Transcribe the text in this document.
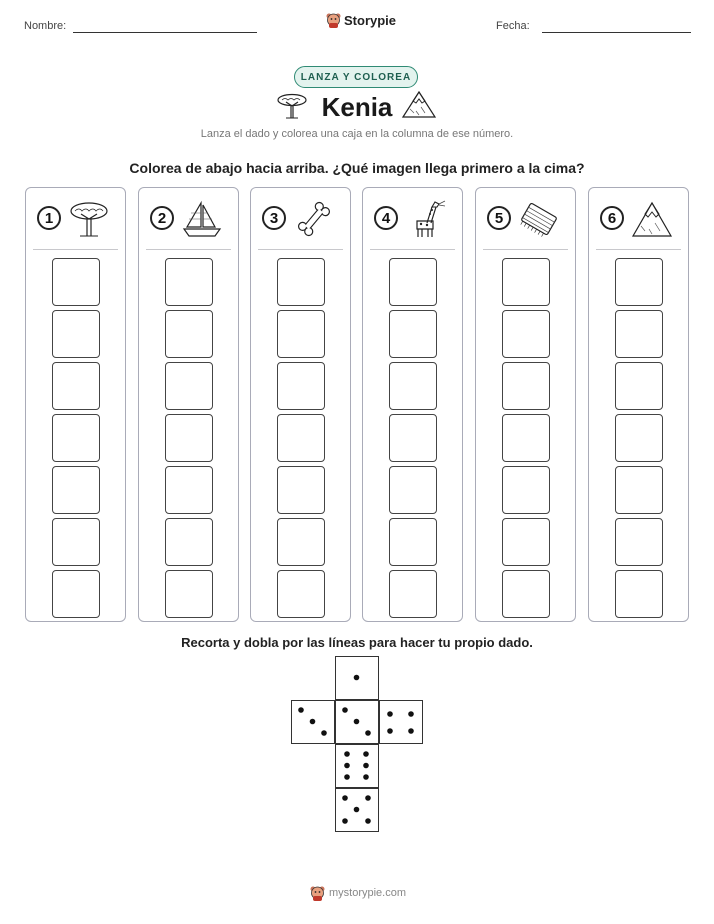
Nombre:	Storypie	Fecha:
LANZA Y COLOREA
Kenia
Lanza el dado y colorea una caja en la columna de ese número.
Colorea de abajo hacia arriba. ¿Qué imagen llega primero a la cima?
1	2	3	4	5	6
Recorta y dobla por las líneas para hacer tu propio dado.
mystorypie.com
